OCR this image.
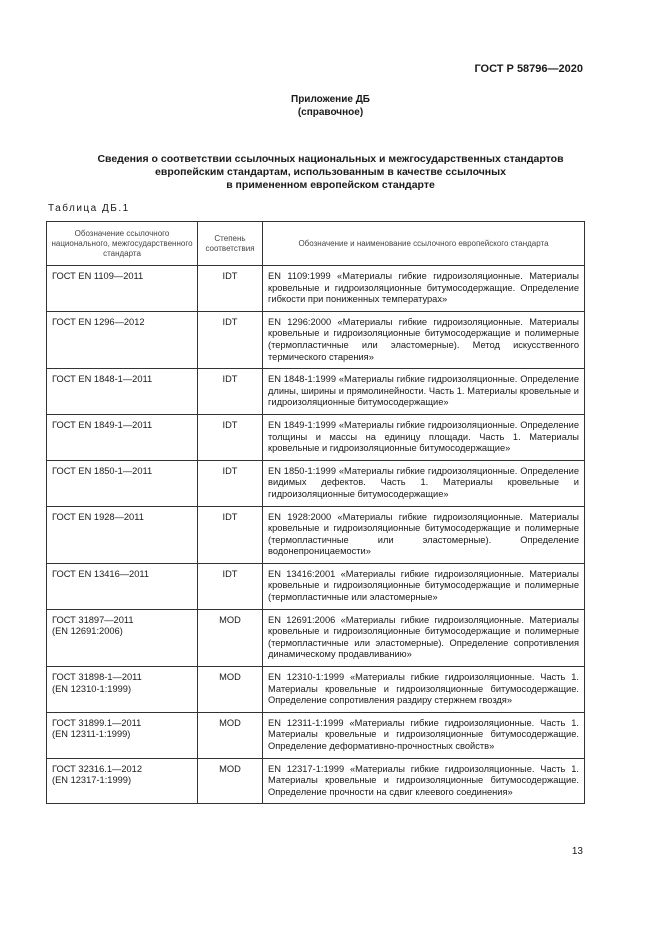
ГОСТ Р 58796—2020
Приложение ДБ
(справочное)
Сведения о соответствии ссылочных национальных и межгосударственных стандартов
европейским стандартам, использованным в качестве ссылочных
в примененном европейском стандарте
Таблица ДБ.1
Обозначение ссылочного национального, межгосударственного стандарта	Степень соответствия	Обозначение и наименование ссылочного европейского стандарта

ГОСТ EN 1109—2011	IDT	EN 1109:1999 «Материалы гибкие гидроизоляционные. Материалы кровельные и гидроизоляционные битумосодержащие. Определение гибкости при пониженных температурах»

ГОСТ EN 1296—2012	IDT	EN 1296:2000 «Материалы гибкие гидроизоляционные. Материалы кровельные и гидроизоляционные битумосодержащие и полимерные (термопластичные или эластомерные). Метод искусственного термического старения»

ГОСТ EN 1848-1—2011	IDT	EN 1848-1:1999 «Материалы гибкие гидроизоляционные. Определение длины, ширины и прямолинейности. Часть 1. Материалы кровельные и гидроизоляционные битумосодержащие»

ГОСТ EN 1849-1—2011	IDT	EN 1849-1:1999 «Материалы гибкие гидроизоляционные. Определение толщины и массы на единицу площади. Часть 1. Материалы кровельные и гидроизоляционные битумосодержащие»

ГОСТ EN 1850-1—2011	IDT	EN 1850-1:1999 «Материалы гибкие гидроизоляционные. Определение видимых дефектов. Часть 1. Материалы кровельные и гидроизоляционные битумосодержащие»

ГОСТ EN 1928—2011	IDT	EN 1928:2000 «Материалы гибкие гидроизоляционные. Материалы кровельные и гидроизоляционные битумосодержащие и полимерные (термопластичные или эластомерные). Определение водонепроницаемости»

ГОСТ EN 13416—2011	IDT	EN 13416:2001 «Материалы гибкие гидроизоляционные. Материалы кровельные и гидроизоляционные битумосодержащие и полимерные (термопластичные или эластомерные»

ГОСТ 31897—2011
(EN 12691:2006)	MOD	EN 12691:2006 «Материалы гибкие гидроизоляционные. Материалы кровельные и гидроизоляционные битумосодержащие и полимерные (термопластичные или эластомерные). Определение сопротивления динамическому продавливанию»

ГОСТ 31898-1—2011
(EN 12310-1:1999)	MOD	EN 12310-1:1999 «Материалы гибкие гидроизоляционные. Часть 1. Материалы кровельные и гидроизоляционные битумосодержащие. Определение сопротивления раздиру стержнем гвоздя»

ГОСТ 31899.1—2011
(EN 12311-1:1999)	MOD	EN 12311-1:1999 «Материалы гибкие гидроизоляционные. Часть 1. Материалы кровельные и гидроизоляционные битумосодержащие. Определение деформативно-прочностных свойств»

ГОСТ 32316.1—2012
(EN 12317-1:1999)	MOD	EN 12317-1:1999 «Материалы гибкие гидроизоляционные. Часть 1. Материалы кровельные и гидроизоляционные битумосодержащие. Определение прочности на сдвиг клеевого соединения»
13
